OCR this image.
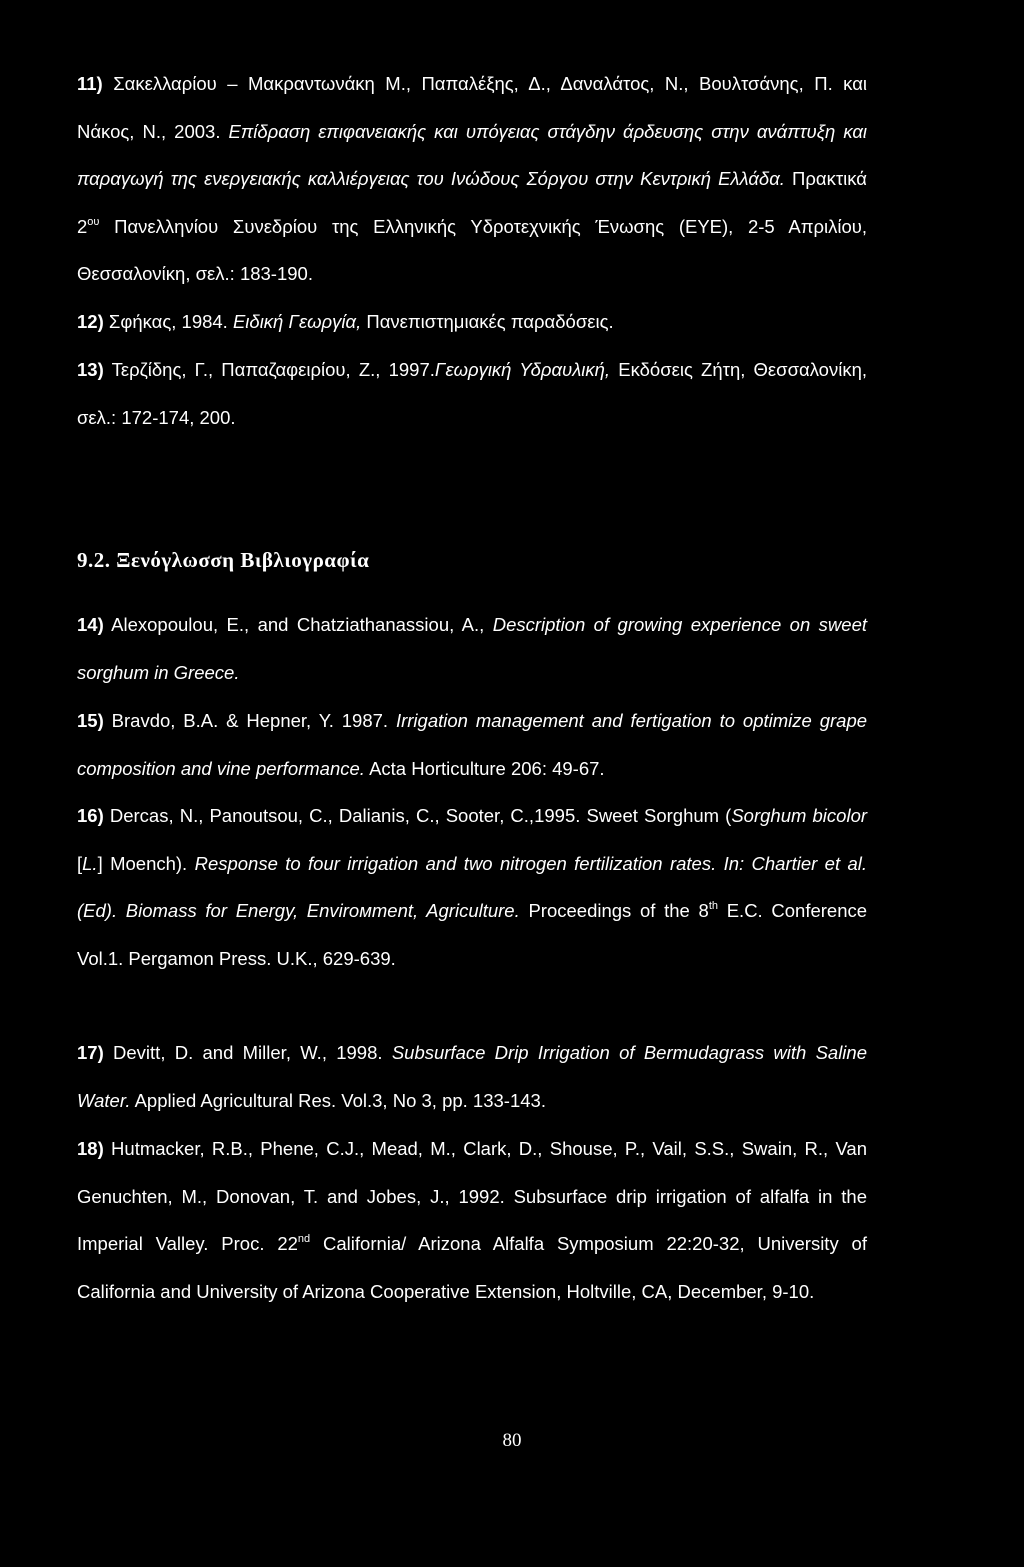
11) Σακελλαρίου – Μακραντωνάκη Μ., Παπαλέξης, Δ., Δαναλάτος, Ν., Βουλτσάνης, Π. και Νάκος, Ν., 2003. Επίδραση επιφανειακής και υπόγειας στάγδην άρδευσης στην ανάπτυξη και παραγωγή της ενεργειακής καλλιέργειας του Ινώδους Σόργου στην Κεντρική Ελλάδα. Πρακτικά $2^{o\upsilon}$ Πανελληνίου Συνεδρίου της Ελληνικής Υδροτεχνικής Ένωσης (ΕΥΕ), 2-5 Απριλίου, Θεσσαλονίκη, σελ.: 183-190.

12) Σφήκας, 1984. Ειδική Γεωργία, Πανεπιστημιακές παραδόσεις.

13) Τερζίδης, Γ., Παπαζαφειρίου, Ζ., 1997.Γεωργική Υδραυλική, Εκδόσεις Ζήτη, Θεσσαλονίκη, σελ.: 172-174, 200.

9.2. Ξενόγλωσση Βιβλιογραφία

14) Alexopoulou, E., and Chatziathanassiou, A., Description of growing experience on sweet sorghum in Greece.

15) Bravdo, B.A. & Hepner, Y. 1987. Irrigation management and fertigation to optimize grape composition and vine performance. Acta Horticulture 206: 49-67.

16) Dercas, N., Panoutsou, C., Dalianis, C., Sooter, C.,1995. Sweet Sorghum (Sorghum bicolor [L.] Moench). Response to four irrigation and two nitrogen fertilization rates. In: Chartier et al. (Ed). Biomass for Energy, Envirомment, Agriculture. Proceedings of the 8th E.C. Conference Vol.1. Pergamon Press. U.K., 629-639.

17) Devitt, D. and Miller, W., 1998. Subsurface Drip Irrigation of Bermudagrass with Saline Water. Applied Agricultural Res. Vol.3, No 3, pp. 133-143.

18) Hutmacker, R.B., Phene, C.J., Mead, M., Clark, D., Shouse, P., Vail, S.S., Swain, R., Van Genuchten, M., Donovan, T. and Jobes, J., 1992. Subsurface drip irrigation of alfalfa in the Imperial Valley. Proc. 22nd California/ Arizona Alfalfa Symposium 22:20-32, University of California and University of Arizona Cooperative Extension, Holtville, CA, December, 9-10.

80
